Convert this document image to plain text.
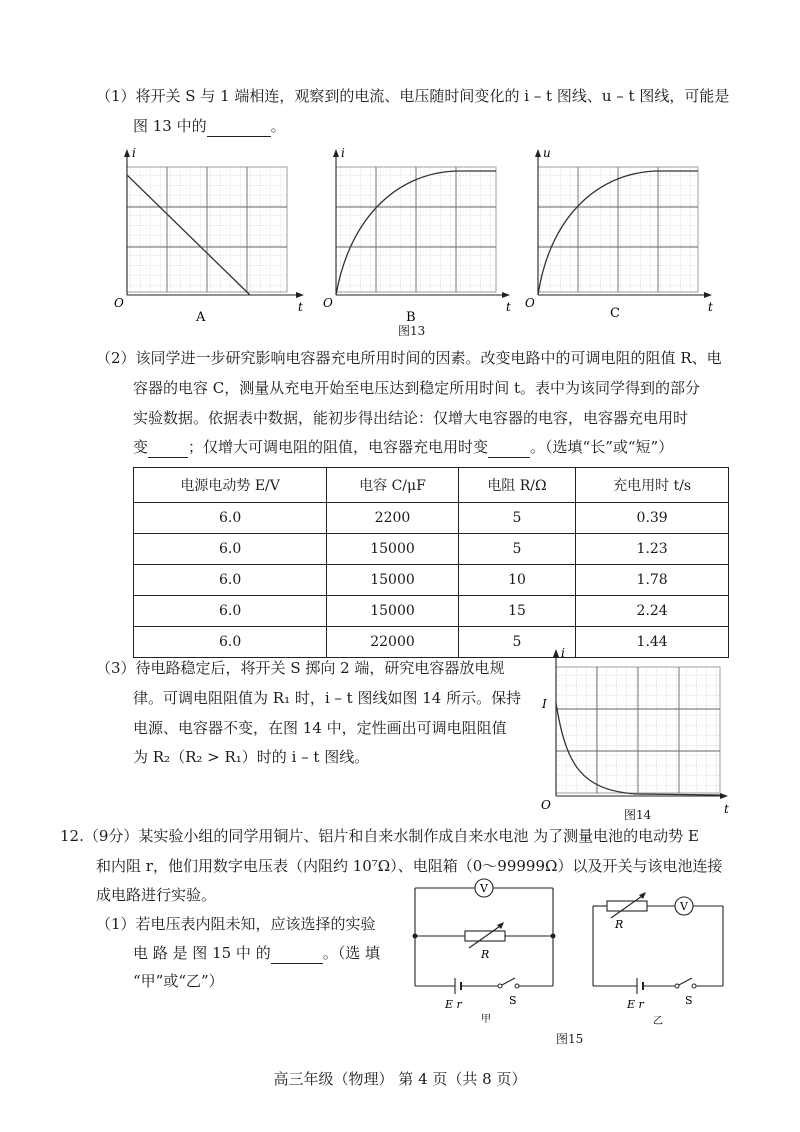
（1）将开关 S 与 1 端相连，观察到的电流、电压随时间变化的 i – t 图线、u – t 图线，可能是
图 13 中的	。
i
t
O
A
i
t
O
B
u
t
O
C
图13
（2）该同学进一步研究影响电容器充电所用时间的因素。改变电路中的可调电阻的阻值 R、电
容器的电容 C，测量从充电开始至电压达到稳定所用时间 t。表中为该同学得到的部分
实验数据。依据表中数据，能初步得出结论：仅增大电容器的电容，电容器充电用时
变	；仅增大可调电阻的阻值，电容器充电用时变	。（选填“长”或“短”）
电源电动势 E/V	电容 C/μF	电阻 R/Ω	充电用时 t/s
6.0	2200	5	0.39
6.0	15000	5	1.23
6.0	15000	10	1.78
6.0	15000	15	2.24
6.0	22000	5	1.44
（3）待电路稳定后，将开关 S 掷向 2 端，研究电容器放电规
律。可调电阻阻值为 R₁ 时，i – t 图线如图 14 所示。保持
电源、电容器不变，在图 14 中，定性画出可调电阻阻值
为 R₂（R₂ > R₁）时的 i – t 图线。
i
t
O
I
图14
12.（9分）某实验小组的同学用铜片、铝片和自来水制作成自来水电池 为了测量电池的电动势 E
和内阻 r，他们用数字电压表（内阻约 10⁷Ω）、电阻箱（0～99999Ω）以及开关与该电池连接
成电路进行实验。
（1）若电压表内阻未知，应该选择的实验
电 路 是 图 15 中 的	。（选 填
“甲”或“乙”）
V
R
E r	S
甲
V
R
E r	S
乙
图15
高三年级（物理） 第 4 页（共 8 页）
